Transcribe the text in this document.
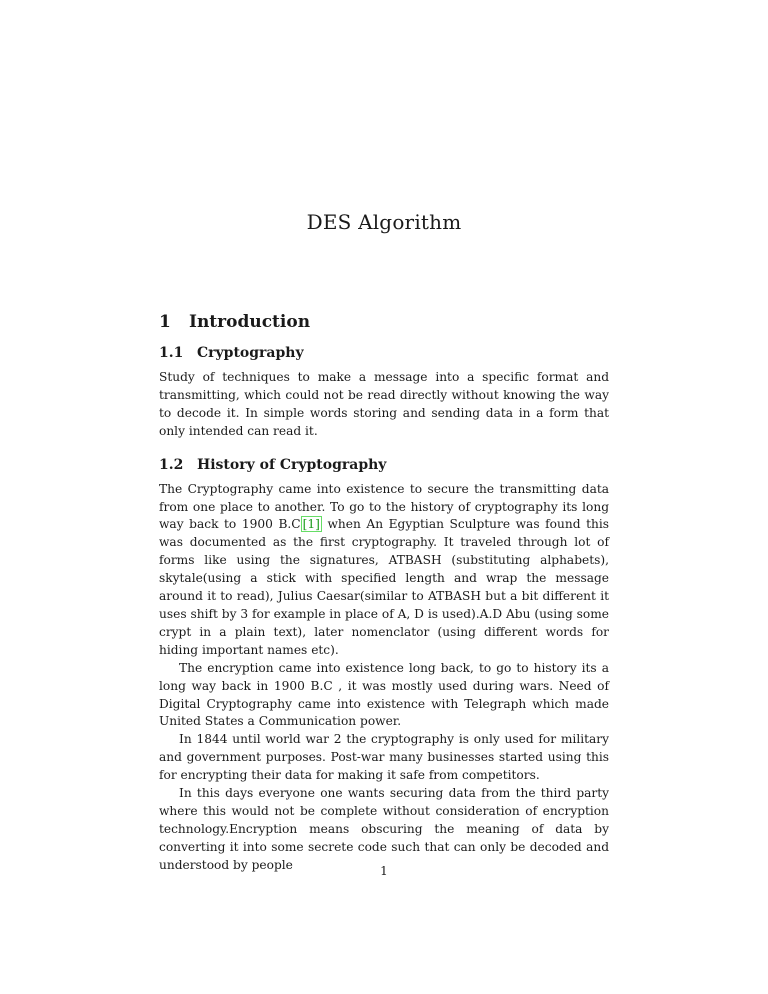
DES Algorithm
1 Introduction
1.1 Cryptography

Study of techniques to make a message into a specific format and transmitting, which could not be read directly without knowing the way to decode it. In simple words storing and sending data in a form that only intended can read it.

1.2 History of Cryptography

The Cryptography came into existence to secure the transmitting data from one place to another. To go to the history of cryptography its long way back to 1900 B.C [1] when An Egyptian Sculpture was found this was documented as the first cryptography. It traveled through lot of forms like using the signatures, ATBASH (substituting alphabets), skytale(using a stick with specified length and wrap the message around it to read), Julius Caesar(similar to ATBASH but a bit different it uses shift by 3 for example in place of A, D is used).A.D Abu (using some crypt in a plain text), later nomenclator (using different words for hiding important names etc).

The encryption came into existence long back, to go to history its a long way back in 1900 B.C , it was mostly used during wars. Need of Digital Cryptography came into existence with Telegraph which made United States a Communication power.

In 1844 until world war 2 the cryptography is only used for military and government purposes. Post-war many businesses started using this for encrypting their data for making it safe from competitors.

In this days everyone one wants securing data from the third party where this would not be complete without consideration of encryption technology.Encryption means obscuring the meaning of data by converting it into some secrete code such that can only be decoded and understood by people	1
